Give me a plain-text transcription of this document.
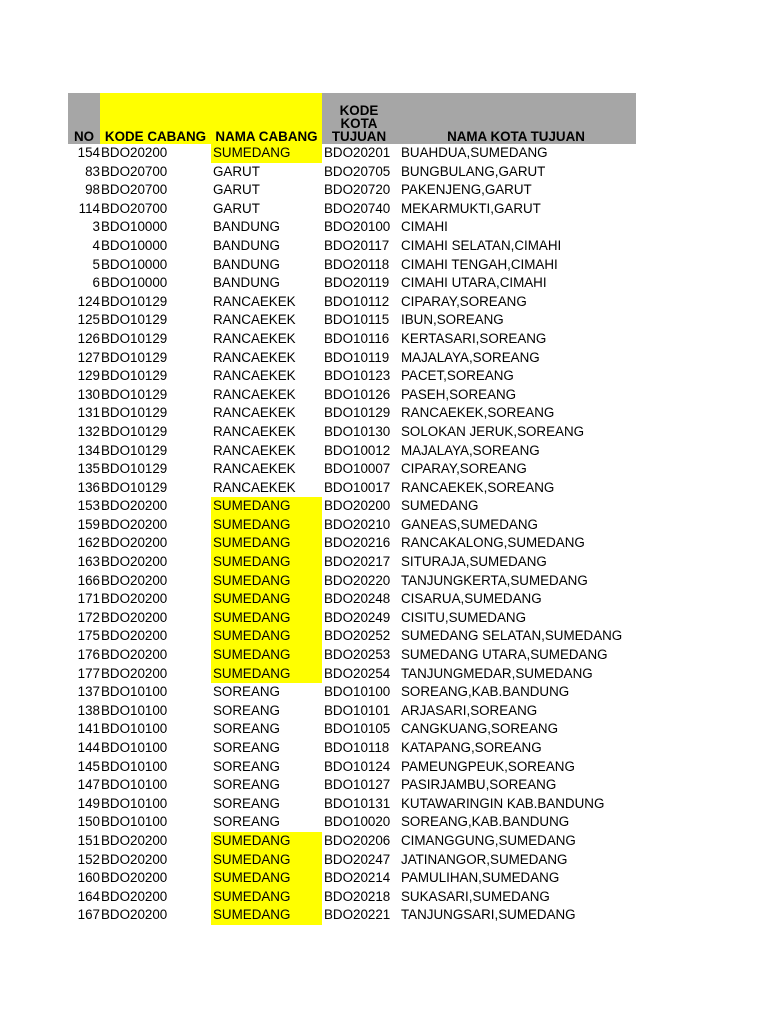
NO	KODE CABANG	NAMA CABANG	KODE KOTA TUJUAN	NAMA KOTA TUJUAN
154	BDO20200	SUMEDANG	BDO20201	BUAHDUA,SUMEDANG
83	BDO20700	GARUT	BDO20705	BUNGBULANG,GARUT
98	BDO20700	GARUT	BDO20720	PAKENJENG,GARUT
114	BDO20700	GARUT	BDO20740	MEKARMUKTI,GARUT
3	BDO10000	BANDUNG	BDO20100	CIMAHI
4	BDO10000	BANDUNG	BDO20117	CIMAHI SELATAN,CIMAHI
5	BDO10000	BANDUNG	BDO20118	CIMAHI TENGAH,CIMAHI
6	BDO10000	BANDUNG	BDO20119	CIMAHI UTARA,CIMAHI
124	BDO10129	RANCAEKEK	BDO10112	CIPARAY,SOREANG
125	BDO10129	RANCAEKEK	BDO10115	IBUN,SOREANG
126	BDO10129	RANCAEKEK	BDO10116	KERTASARI,SOREANG
127	BDO10129	RANCAEKEK	BDO10119	MAJALAYA,SOREANG
129	BDO10129	RANCAEKEK	BDO10123	PACET,SOREANG
130	BDO10129	RANCAEKEK	BDO10126	PASEH,SOREANG
131	BDO10129	RANCAEKEK	BDO10129	RANCAEKEK,SOREANG
132	BDO10129	RANCAEKEK	BDO10130	SOLOKAN JERUK,SOREANG
134	BDO10129	RANCAEKEK	BDO10012	MAJALAYA,SOREANG
135	BDO10129	RANCAEKEK	BDO10007	CIPARAY,SOREANG
136	BDO10129	RANCAEKEK	BDO10017	RANCAEKEK,SOREANG
153	BDO20200	SUMEDANG	BDO20200	SUMEDANG
159	BDO20200	SUMEDANG	BDO20210	GANEAS,SUMEDANG
162	BDO20200	SUMEDANG	BDO20216	RANCAKALONG,SUMEDANG
163	BDO20200	SUMEDANG	BDO20217	SITURAJA,SUMEDANG
166	BDO20200	SUMEDANG	BDO20220	TANJUNGKERTA,SUMEDANG
171	BDO20200	SUMEDANG	BDO20248	CISARUA,SUMEDANG
172	BDO20200	SUMEDANG	BDO20249	CISITU,SUMEDANG
175	BDO20200	SUMEDANG	BDO20252	SUMEDANG SELATAN,SUMEDANG
176	BDO20200	SUMEDANG	BDO20253	SUMEDANG UTARA,SUMEDANG
177	BDO20200	SUMEDANG	BDO20254	TANJUNGMEDAR,SUMEDANG
137	BDO10100	SOREANG	BDO10100	SOREANG,KAB.BANDUNG
138	BDO10100	SOREANG	BDO10101	ARJASARI,SOREANG
141	BDO10100	SOREANG	BDO10105	CANGKUANG,SOREANG
144	BDO10100	SOREANG	BDO10118	KATAPANG,SOREANG
145	BDO10100	SOREANG	BDO10124	PAMEUNGPEUK,SOREANG
147	BDO10100	SOREANG	BDO10127	PASIRJAMBU,SOREANG
149	BDO10100	SOREANG	BDO10131	KUTAWARINGIN KAB.BANDUNG
150	BDO10100	SOREANG	BDO10020	SOREANG,KAB.BANDUNG
151	BDO20200	SUMEDANG	BDO20206	CIMANGGUNG,SUMEDANG
152	BDO20200	SUMEDANG	BDO20247	JATINANGOR,SUMEDANG
160	BDO20200	SUMEDANG	BDO20214	PAMULIHAN,SUMEDANG
164	BDO20200	SUMEDANG	BDO20218	SUKASARI,SUMEDANG
167	BDO20200	SUMEDANG	BDO20221	TANJUNGSARI,SUMEDANG
